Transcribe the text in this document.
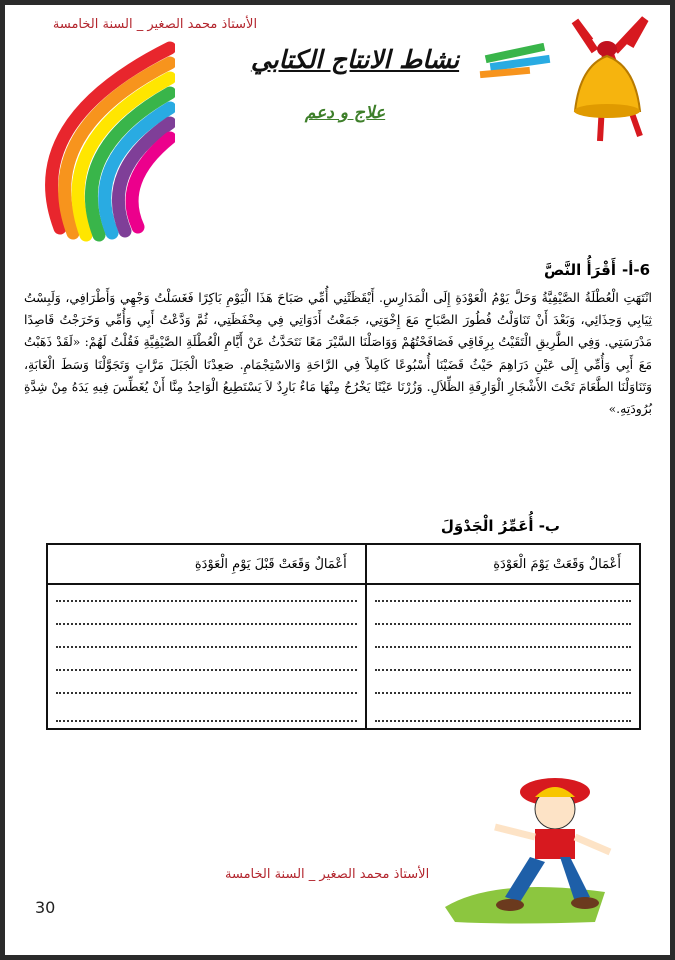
الأستاذ محمد الصغير _ السنة الخامسة
نشاط الانتاج الكتابي
علاج و دعم
6-أ-أَقْرَأُ النَّصَّ
انْتَهَتِ الْعُطْلَةُ الصَّيْفِيَّةُ وَحَلَّ يَوْمُ الْعَوْدَةِ إِلَى الْمَدَارِسِ. أَيْقَظَتْنِي أُمِّي صَبَاحَ هَذَا الْيَوْمِ بَاكِرًا فَغَسَلْتُ وَجْهِي وَأَطْرَافِي، وَلَبِسْتُ ثِيَابِي وَحِذَائِي، وَبَعْدَ أَنْ تَنَاوَلْتُ فُطُورَ الصَّبَاحِ مَعَ إِخْوَتِي، جَمَعْتُ أَدَوَاتِي فِي مِحْفَظَتِي، ثُمَّ وَدَّعْتُ أَبِي وَأُمِّي وَخَرَجْتُ قَاصِدًا مَدْرَسَتِي. وَفِي الطَّرِيقِ الْتَقَيْتُ بِرِفَاقِي فَصَافَحْتُهُمْ وَوَاصَلْنَا السَّيْرَ مَعًا نَتَحَدَّثُ عَنْ أَيَّامِ الْعُطْلَةِ الصَّيْفِيَّةِ فَقُلْتُ لَهُمْ: «لَقَدْ ذَهَبْتُ مَعَ أَبِي وَأُمِّي إِلَى عَيْنِ دَرَاهِمَ حَيْثُ قَضَيْنَا أُسْبُوعًا كَامِلاً فِي الرَّاحَةِ وَالاسْتِجْمَامِ. صَعِدْنَا الْجَبَلَ مَرَّاتٍ وَتَجَوَّلْنَا وَسَطَ الْغَابَةِ، وَتَنَاوَلْنَا الطَّعَامَ تَحْتَ الأَشْجَارِ الْوَارِفَةِ الظِّلاَلِ. وَزُرْنَا عَيْنًا يَخْرُجُ مِنْهَا مَاءٌ بَارِدٌ لاَ يَسْتَطِيعُ الْوَاحِدُ مِنَّا أَنْ يُغَطِّسَ فِيهِ يَدَهُ مِنْ شِدَّةِ بُرُودَتِهِ.»
ب- أُعَمِّرُ الْجَدْوَلَ
أَعْمَالٌ وَقَعَتْ يَوْمَ الْعَوْدَةِ	أَعْمَالٌ وَقَعَتْ قَبْلَ يَوْمِ الْعَوْدَةِ

الأستاذ محمد الصغير _ السنة الخامسة
30
